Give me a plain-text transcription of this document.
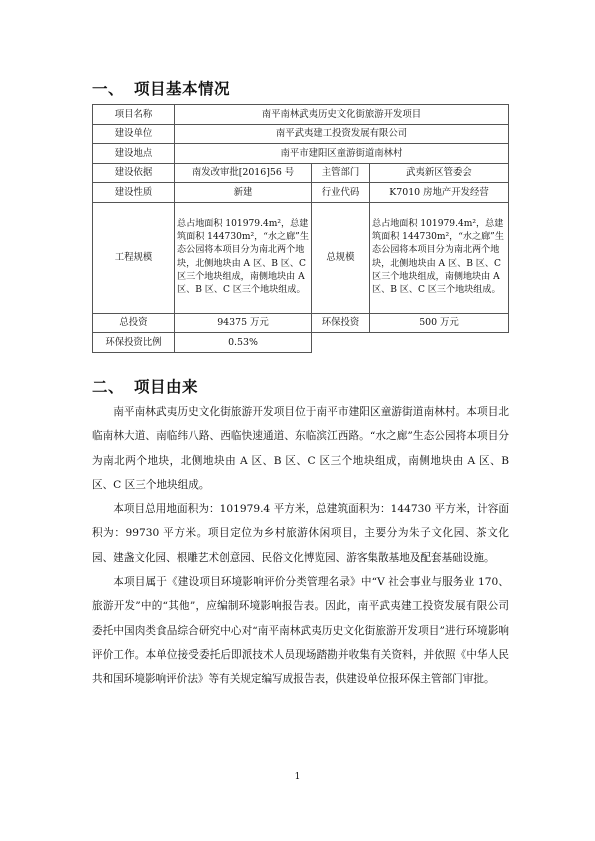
一、 项目基本情况
项目名称	南平南林武夷历史文化街旅游开发项目		
建设单位	南平武夷建工投资发展有限公司		
建设地点	南平市建阳区童游街道南林村		
建设依据	南发改审批[2016]56 号	主管部门	武夷新区管委会
建设性质	新建	行业代码	K7010 房地产开发经营
工程规模	总占地面积 101979.4m²，总建筑面积 144730m²，“水之廊”生态公园将本项目分为南北两个地块，北侧地块由 A 区、B 区、C 区三个地块组成，南侧地块由 A 区、B 区、C 区三个地块组成。	总规模	总占地面积 101979.4m²，总建筑面积 144730m²，“水之廊”生态公园将本项目分为南北两个地块，北侧地块由 A 区、B 区、C 区三个地块组成，南侧地块由 A 区、B 区、C 区三个地块组成。
总投资	94375 万元	环保投资	500 万元
环保投资比例	0.53%		
二、 项目由来

南平南林武夷历史文化街旅游开发项目位于南平市建阳区童游街道南林村。本项目北临南林大道、南临纬八路、西临快速通道、东临滨江西路。“水之廊”生态公园将本项目分为南北两个地块，北侧地块由 A 区、B 区、C 区三个地块组成，南侧地块由 A 区、B 区、C 区三个地块组成。

本项目总用地面积为：101979.4 平方米，总建筑面积为：144730 平方米，计容面积为：99730 平方米。项目定位为乡村旅游休闲项目，主要分为朱子文化园、茶文化园、建盏文化园、根雕艺术创意园、民俗文化博览园、游客集散基地及配套基础设施。

本项目属于《建设项目环境影响评价分类管理名录》中“V 社会事业与服务业 170、旅游开发”中的“其他”，应编制环境影响报告表。因此，南平武夷建工投资发展有限公司委托中国肉类食品综合研究中心对“南平南林武夷历史文化街旅游开发项目”进行环境影响评价工作。本单位接受委托后即派技术人员现场踏勘并收集有关资料，并依照《中华人民共和国环境影响评价法》等有关规定编写成报告表，供建设单位报环保主管部门审批。

1
